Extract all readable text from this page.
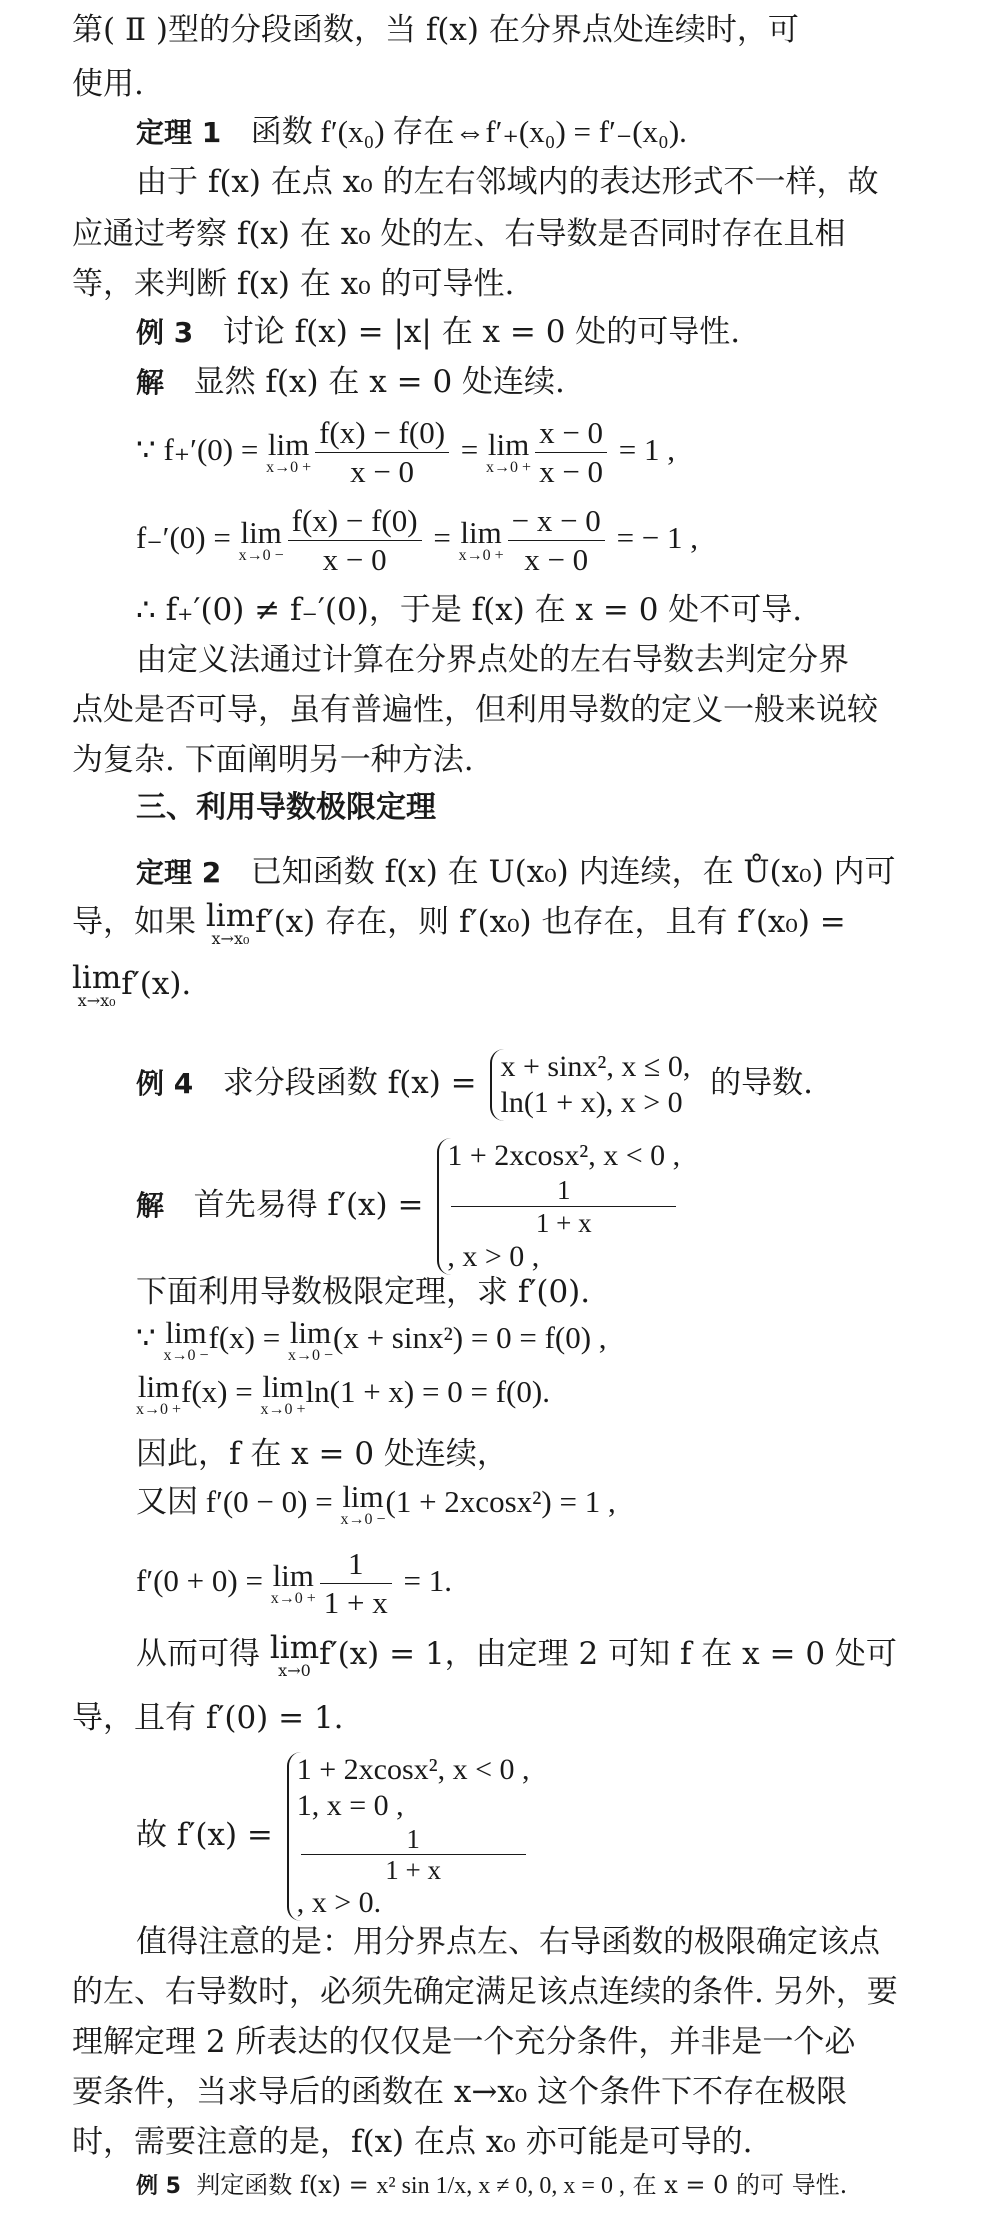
第( Ⅱ )型的分段函数，当 f(x) 在分界点处连续时，可
使用.
定理 1 函数 f′(x₀) 存在⇔f′₊(x₀) = f′₋(x₀).
由于 f(x) 在点 x₀ 的左右邻域内的表达形式不一样，故
应通过考察 f(x) 在 x₀ 处的左、右导数是否同时存在且相
等，来判断 f(x) 在 x₀ 的可导性.
例 3 讨论 f(x) = |x| 在 x = 0 处的可导性.
解 显然 f(x) 在 x = 0 处连续.
∵ f₊′(0) = lim
$x\to 0 + \frac{f(x) - f(0)}{x - 0} = \lim$
$x\to 0 + \frac{x - 0}{x - 0} = 1$ ,
f₋′(0) = lim
$x\to 0 - \frac{f(x) - f(0)}{x - 0} = \lim$
$x\to 0 + \frac{- x - 0}{x - 0}$ = − 1 ,
∴ f₊′(0) ≠ f₋′(0)，于是 f(x) 在 x = 0 处不可导.
由定义法通过计算在分界点处的左右导数去判定分界
点处是否可导，虽有普遍性，但利用导数的定义一般来说较
为复杂. 下面阐明另一种方法.
三、利用导数极限定理
定理 2 已知函数 f(x) 在 U(x₀) 内连续，在 Ů(x₀) 内可
导，如果 lim
x→x₀ f′(x) 存在，则 f′(x₀) 也存在，且有 f′(x₀) =
lim
x→x₀ f′(x).
例 4 求分段函数 f(x) = x + sinx², x ≤ 0,
ln(1 + x), x > 0
的导数.
解 首先易得 f′(x) =
1 + 2xcosx², x < 0 ,
1
1 + x
, x > 0 ,
下面利用导数极限定理，求 f′(0).
∵ lim
x→0 −
f(x) = lim
x→0 −
(x + sinx²) = 0 = f(0) ,
lim
x→0 +
f(x) = lim
x→0 +
ln(1 + x) = 0 = f(0).
因此，f 在 x = 0 处连续，
又因 f′(0 − 0) = lim
x→0 −
(1 + 2xcosx²) = 1 ,
f′(0 + 0) = lim
$x\to 0 + \frac{1}{1 + x} = 1$.
从而可得 lim
x→0 f′(x) = 1，由定理 2 可知 f 在 x = 0 处可
导，且有 f′(0) = 1.
故 f′(x) =
1 + 2xcosx², x < 0 ,
1, x = 0 ,
1
1 + x
, x > 0.
值得注意的是：用分界点左、右导函数的极限确定该点
的左、右导数时，必须先确定满足该点连续的条件. 另外，要
理解定理 2 所表达的仅仅是一个充分条件，并非是一个必
要条件，当求导后的函数在 x→x₀ 这个条件下不存在极限
时，需要注意的是，f(x) 在点 x₀ 亦可能是可导的.
例 5 判定函数 f(x) = x² sin 1/x, x ≠ 0, 0, x = 0 , 在 x = 0 的可 导性.
